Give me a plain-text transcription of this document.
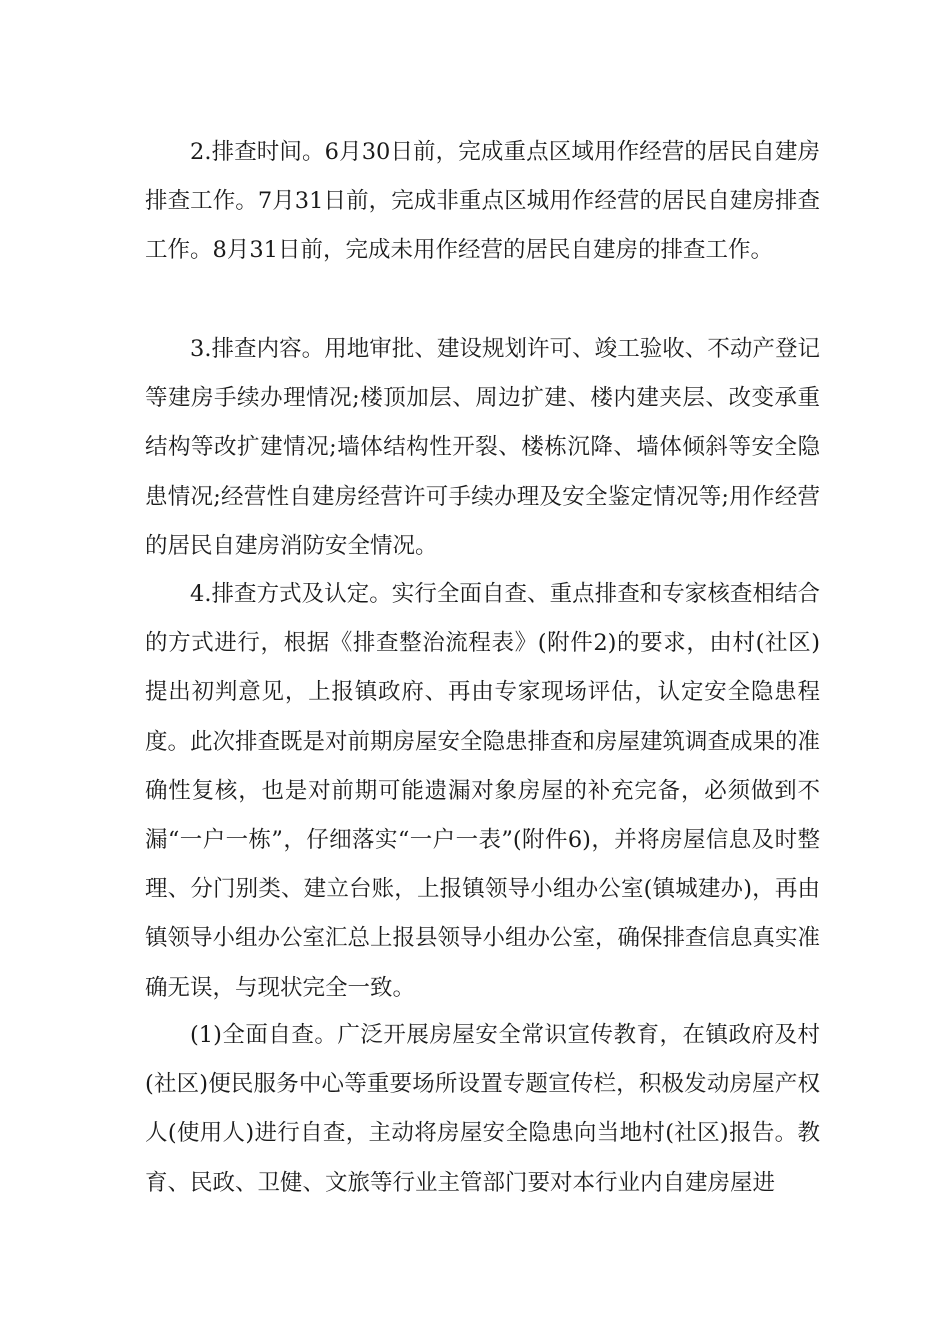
2.排查时间。6月30日前，完成重点区域用作经营的居民自建房排查工作。7月31日前，完成非重点区城用作经营的居民自建房排查工作。8月31日前，完成未用作经营的居民自建房的排查工作。

3.排查内容。用地审批、建设规划许可、竣工验收、不动产登记等建房手续办理情况;楼顶加层、周边扩建、楼内建夹层、改变承重结构等改扩建情况;墙体结构性开裂、楼栋沉降、墙体倾斜等安全隐患情况;经营性自建房经营许可手续办理及安全鉴定情况等;用作经营的居民自建房消防安全情况。

4.排查方式及认定。实行全面自查、重点排查和专家核查相结合的方式进行，根据《排查整治流程表》(附件2)的要求，由村(社区)提出初判意见，上报镇政府、再由专家现场评估，认定安全隐患程度。此次排查既是对前期房屋安全隐患排查和房屋建筑调查成果的准确性复核，也是对前期可能遗漏对象房屋的补充完备，必须做到不漏“一户一栋”，仔细落实“一户一表”(附件6)，并将房屋信息及时整理、分门别类、建立台账，上报镇领导小组办公室(镇城建办)，再由镇领导小组办公室汇总上报县领导小组办公室，确保排查信息真实准确无误，与现状完全一致。

(1)全面自查。广泛开展房屋安全常识宣传教育，在镇政府及村(社区)便民服务中心等重要场所设置专题宣传栏，积极发动房屋产权人(使用人)进行自查，主动将房屋安全隐患向当地村(社区)报告。教育、民政、卫健、文旅等行业主管部门要对本行业内自建房屋进
